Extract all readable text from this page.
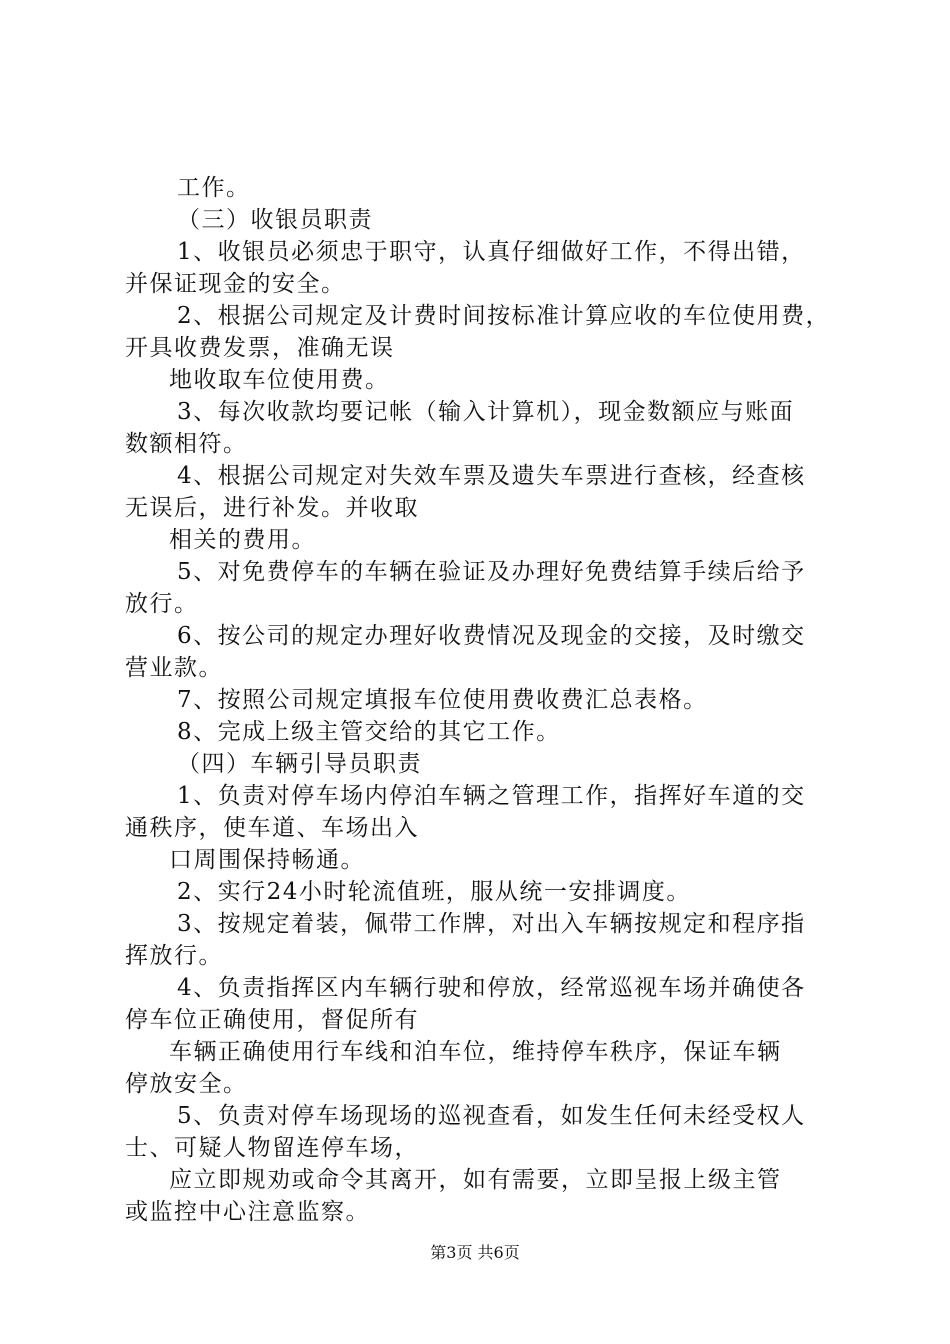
工作。
（三）收银员职责
1、收银员必须忠于职守，认真仔细做好工作，不得出错，
并保证现金的安全。
2、根据公司规定及计费时间按标准计算应收的车位使用费，
开具收费发票，准确无误
地收取车位使用费。
3、每次收款均要记帐（输入计算机），现金数额应与账面
数额相符。
4、根据公司规定对失效车票及遗失车票进行查核，经查核
无误后，进行补发。并收取
相关的费用。
5、对免费停车的车辆在验证及办理好免费结算手续后给予
放行。
6、按公司的规定办理好收费情况及现金的交接，及时缴交
营业款。
7、按照公司规定填报车位使用费收费汇总表格。
8、完成上级主管交给的其它工作。
（四）车辆引导员职责
1、负责对停车场内停泊车辆之管理工作，指挥好车道的交
通秩序，使车道、车场出入
口周围保持畅通。
2、实行24小时轮流值班，服从统一安排调度。
3、按规定着装，佩带工作牌，对出入车辆按规定和程序指
挥放行。
4、负责指挥区内车辆行驶和停放，经常巡视车场并确使各
停车位正确使用，督促所有
车辆正确使用行车线和泊车位，维持停车秩序，保证车辆
停放安全。
5、负责对停车场现场的巡视查看，如发生任何未经受权人
士、可疑人物留连停车场，
应立即规劝或命令其离开，如有需要，立即呈报上级主管
或监控中心注意监察。
第3页 共6页
